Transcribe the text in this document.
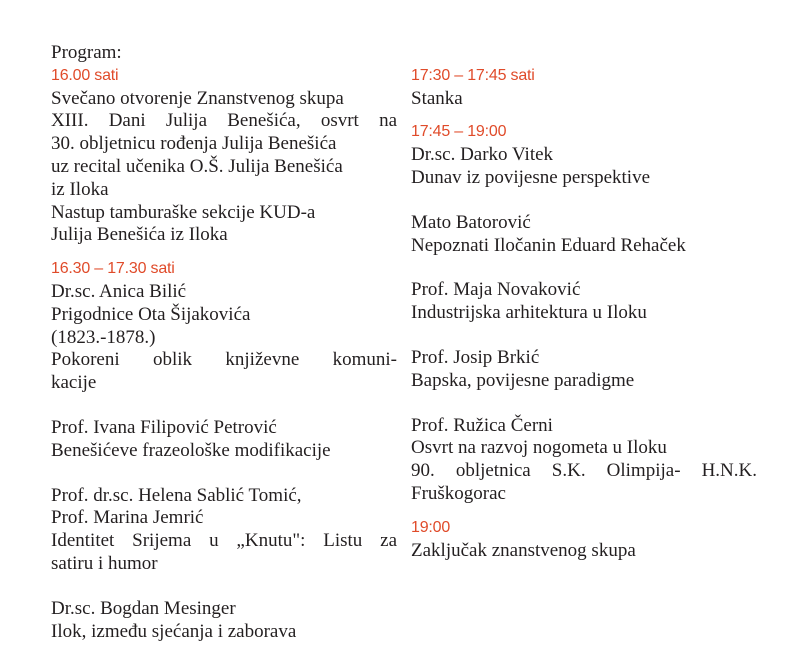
Program:
16.00 sati
Svečano otvorenje Znanstvenog skupa
XIII. Dani Julija Benešića, osvrt na
30. obljetnicu rođenja Julija Benešića
uz recital učenika O.Š. Julija Benešića
iz Iloka
Nastup tamburaške sekcije KUD-a
Julija Benešića iz Iloka
16.30 – 17.30 sati
Dr.sc. Anica Bilić
Prigodnice Ota Šijakovića
(1823.-1878.)
Pokoreni oblik književne komuni-
kacije
Prof. Ivana Filipović Petrović
Benešićeve frazeološke modifikacije
Prof. dr.sc. Helena Sablić Tomić,
Prof. Marina Jemrić
Identitet Srijema u „Knutu": Listu za
satiru i humor
Dr.sc. Bogdan Mesinger
Ilok, između sjećanja i zaborava
17:30 – 17:45 sati
Stanka
17:45 – 19:00
Dr.sc. Darko Vitek
Dunav iz povijesne perspektive
Mato Batorović
Nepoznati Iločanin Eduard Rehaček
Prof. Maja Novaković
Industrijska arhitektura u Iloku
Prof. Josip Brkić
Bapska, povijesne paradigme
Prof. Ružica Černi
Osvrt na razvoj nogometa u Iloku
90. obljetnica S.K. Olimpija- H.N.K.
Fruškogorac
19:00
Zaključak znanstvenog skupa
